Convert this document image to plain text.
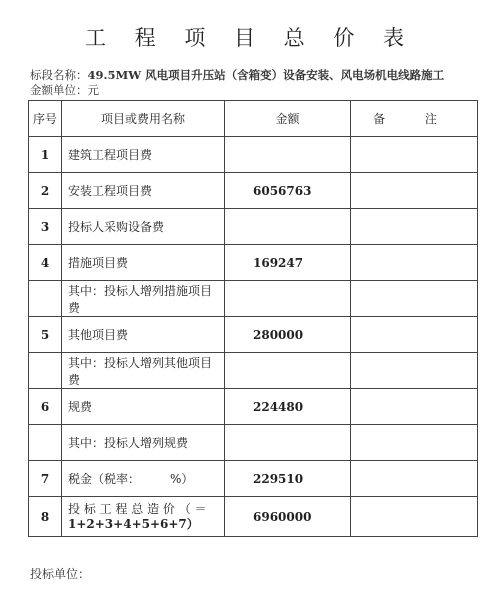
工 程 项 目 总 价 表
标段名称：49.5MW 风电项目升压站（含箱变）设备安装、风电场机电线路施工
金额单位：元
序号	项目或费用名称	金额	备 注
1	建筑工程项目费		
2	安装工程项目费	6056763	
3	投标人采购设备费		
4	措施项目费	169247	
	其中：投标人增列措施项目费		
5	其他项目费	280000	
	其中：投标人增列其他项目费		
6	规费	224480	
	其中：投标人增列规费		
7	税金（税率：　　　%）	229510	
8	投 标 工 程 总 造 价 （ ＝
1+2+3+4+5+6+7）	6960000	
投标单位：
